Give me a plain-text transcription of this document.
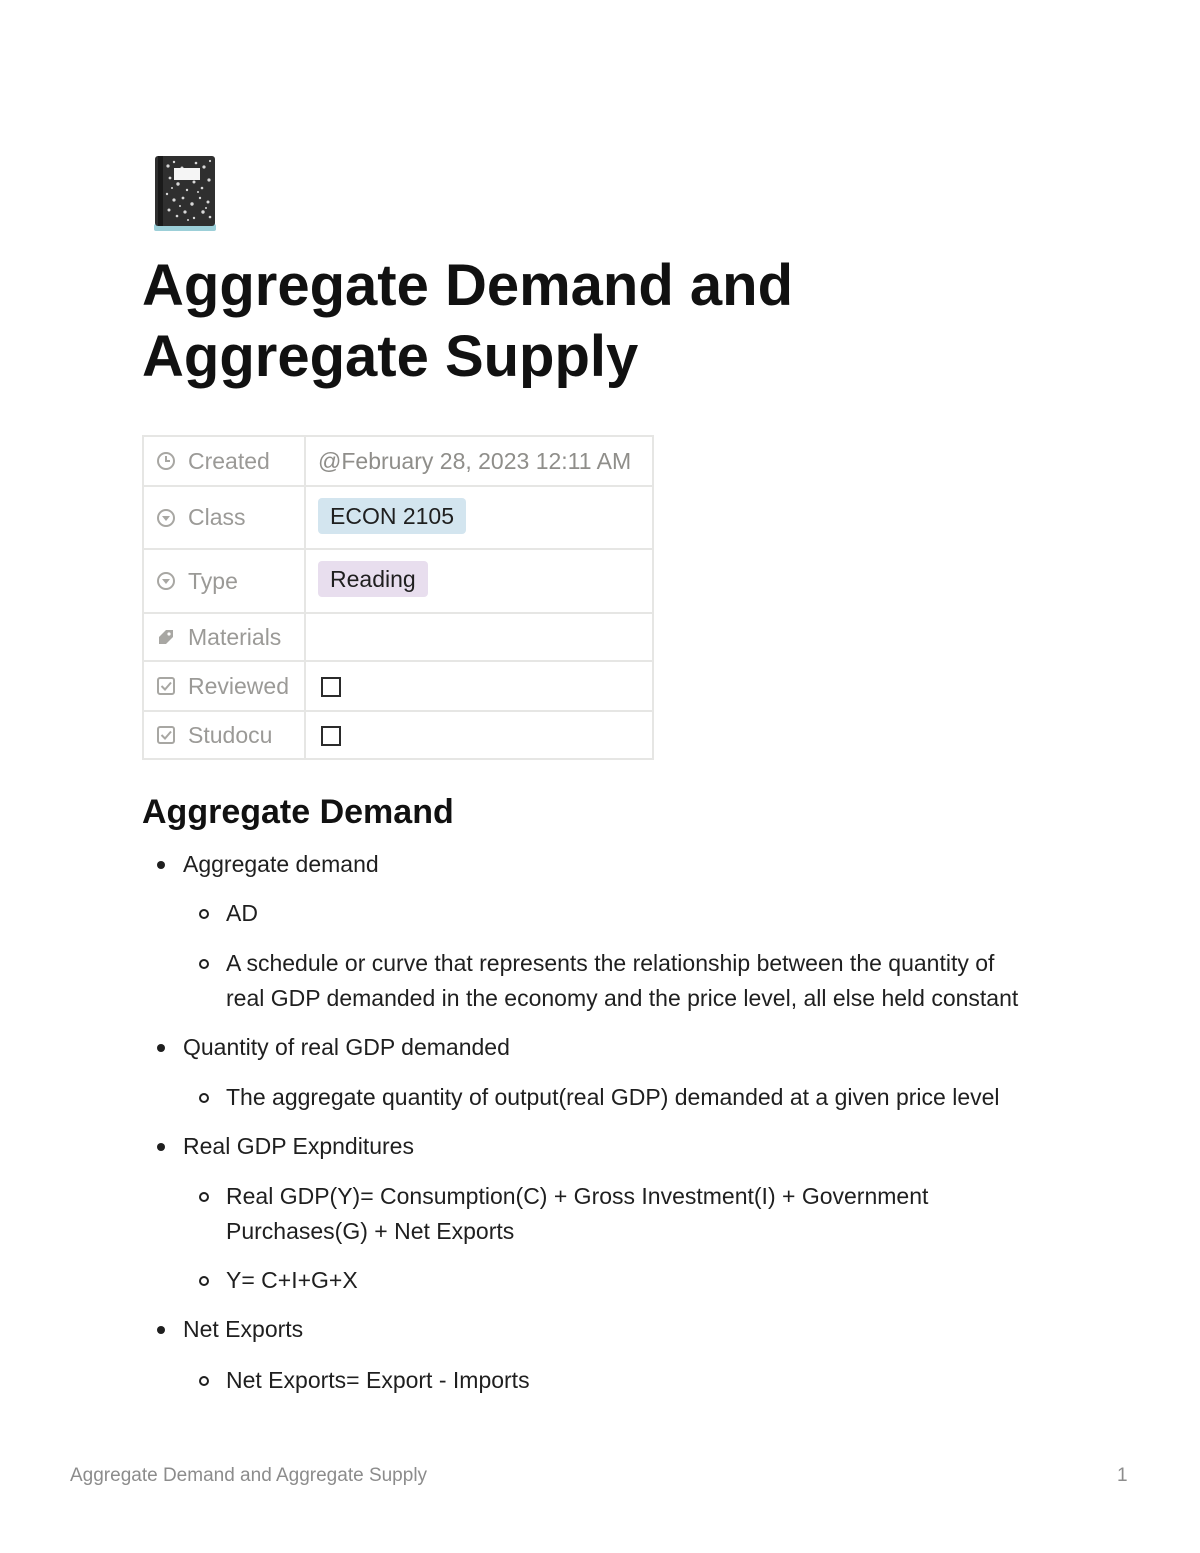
Aggregate Demand and
Aggregate Supply
Created	@February 28, 2023 12:11 AM

Class	ECON 2105

Type	Reading

Materials	

Reviewed	

Studocu	

Aggregate Demand
Aggregate demand
AD
A schedule or curve that represents the relationship between the quantity of
real GDP demanded in the economy and the price level, all else held constant
Quantity of real GDP demanded
The aggregate quantity of output(real GDP) demanded at a given price level
Real GDP Expnditures
Real GDP(Y)= Consumption(C) + Gross Investment(I) + Government
Purchases(G) + Net Exports
Y= C+I+G+X
Net Exports
Net Exports= Export - Imports
Aggregate Demand and Aggregate Supply	1
